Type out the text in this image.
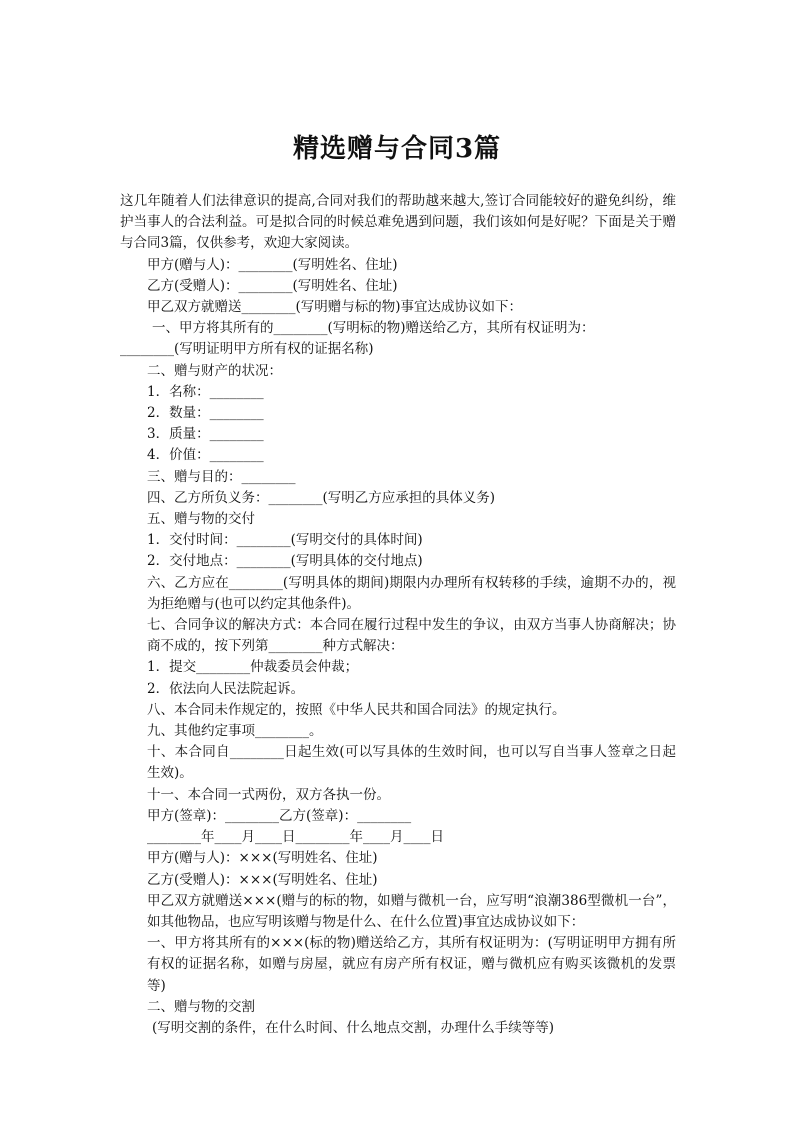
精选赠与合同3篇

这几年随着人们法律意识的提高,合同对我们的帮助越来越大,签订合同能较好的避免纠纷，维护当事人的合法利益。可是拟合同的时候总难免遇到问题，我们该如何是好呢？下面是关于赠与合同3篇，仅供参考，欢迎大家阅读。

甲方(赠与人)：________(写明姓名、住址)

乙方(受赠人)：________(写明姓名、住址)

甲乙双方就赠送________(写明赠与标的物)事宜达成协议如下：

一、甲方将其所有的________(写明标的物)赠送给乙方，其所有权证明为：

________(写明证明甲方所有权的证据名称)

二、赠与财产的状况：

1．名称：________

2．数量：________

3．质量：________

4．价值：________

三、赠与目的：________

四、乙方所负义务：________(写明乙方应承担的具体义务)

五、赠与物的交付

1．交付时间：________(写明交付的具体时间)

2．交付地点：________(写明具体的交付地点)

六、乙方应在________(写明具体的期间)期限内办理所有权转移的手续，逾期不办的，视为拒绝赠与(也可以约定其他条件)。

七、合同争议的解决方式：本合同在履行过程中发生的争议，由双方当事人协商解决；协商不成的，按下列第________种方式解决：

1．提交________仲裁委员会仲裁；

2．依法向人民法院起诉。

八、本合同未作规定的，按照《中华人民共和国合同法》的规定执行。

九、其他约定事项________。

十、本合同自________日起生效(可以写具体的生效时间，也可以写自当事人签章之日起生效)。

十一、本合同一式两份，双方各执一份。

甲方(签章)：________乙方(签章)：________

________年____月____日________年____月____日

甲方(赠与人)：×××(写明姓名、住址)

乙方(受赠人)：×××(写明姓名、住址)

甲乙双方就赠送×××(赠与的标的物，如赠与微机一台，应写明“浪潮386型微机一台”，如其他物品，也应写明该赠与物是什么、在什么位置)事宜达成协议如下：

一、甲方将其所有的×××(标的物)赠送给乙方，其所有权证明为：(写明证明甲方拥有所有权的证据名称，如赠与房屋，就应有房产所有权证，赠与微机应有购买该微机的发票等)

二、赠与物的交割

(写明交割的条件，在什么时间、什么地点交割，办理什么手续等等)
